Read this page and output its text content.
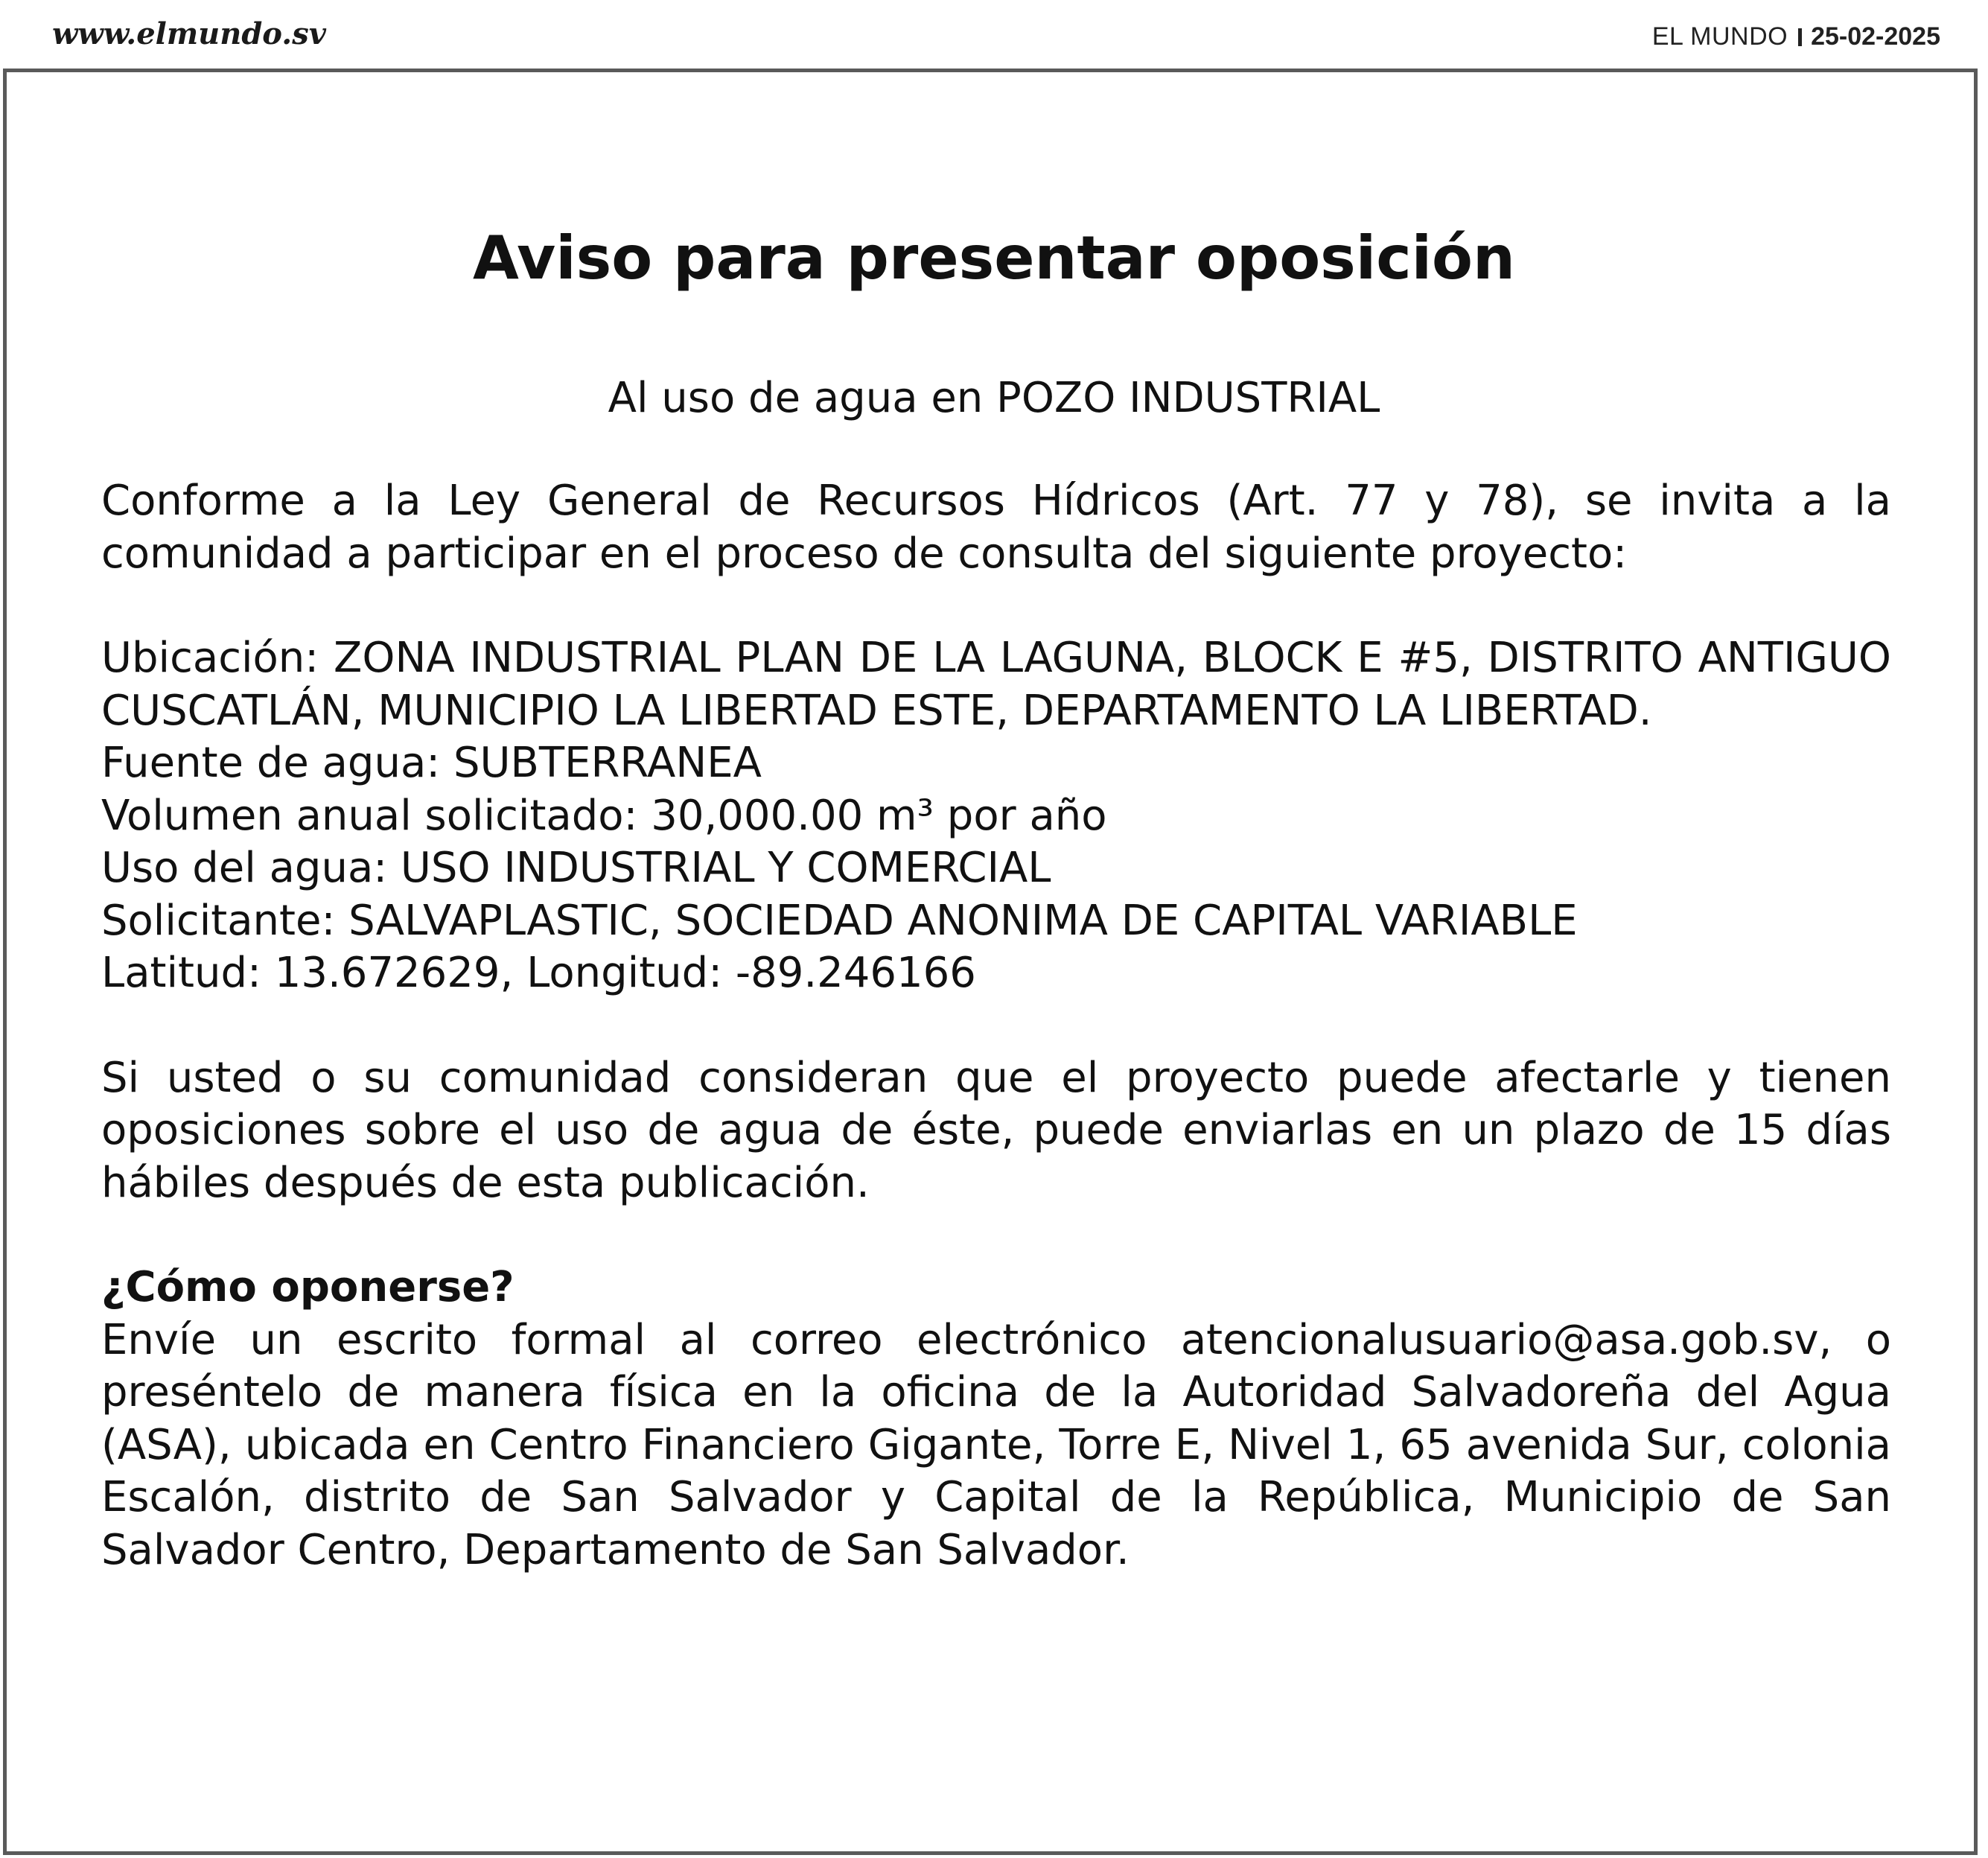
www.elmundo.sv	EL MUNDO 25-02-2025
Aviso para presentar oposición

Al uso de agua en POZO INDUSTRIAL

Conforme a la Ley General de Recursos Hídricos (Art. 77 y 78), se invita a la comunidad a participar en el proceso de consulta del siguiente proyecto:

Ubicación: ZONA INDUSTRIAL PLAN DE LA LAGUNA, BLOCK E #5, DISTRITO ANTIGUO CUSCATLÁN, MUNICIPIO LA LIBERTAD ESTE, DEPARTAMENTO LA LIBERTAD.

Fuente de agua: SUBTERRANEA

Volumen anual solicitado: 30,000.00 m³ por año

Uso del agua: USO INDUSTRIAL Y COMERCIAL

Solicitante: SALVAPLASTIC, SOCIEDAD ANONIMA DE CAPITAL VARIABLE

Latitud: 13.672629, Longitud: -89.246166

Si usted o su comunidad consideran que el proyecto puede afectarle y tienen oposiciones sobre el uso de agua de éste, puede enviarlas en un plazo de 15 días hábiles después de esta publicación.

¿Cómo oponerse?

Envíe un escrito formal al correo electrónico atencionalusuario@asa.gob.sv, o preséntelo de manera física en la oficina de la Autoridad Salvadoreña del Agua (ASA), ubicada en Centro Financiero Gigante, Torre E, Nivel 1, 65 avenida Sur, colonia Escalón, distrito de San Salvador y Capital de la República, Municipio de San Salvador Centro, Departamento de San Salvador.
